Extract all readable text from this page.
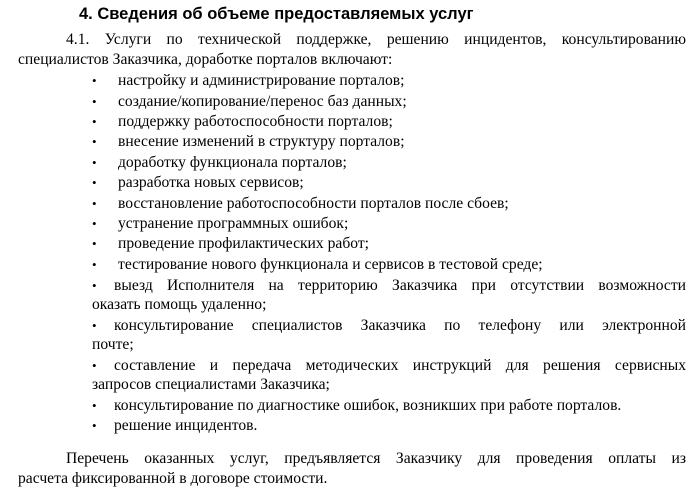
4. Сведения об объеме предоставляемых услуг
4.1. Услуги по технической поддержке, решению инцидентов, консультированию
специалистов Заказчика, доработке порталов включают:
• настройку и администрирование порталов;
• создание/копирование/перенос баз данных;
• поддержку работоспособности порталов;
• внесение изменений в структуру порталов;
• доработку функционала порталов;
• разработка новых сервисов;
• восстановление работоспособности порталов после сбоев;
• устранение программных ошибок;
• проведение профилактических работ;
• тестирование нового функционала и сервисов в тестовой среде;
• выезд Исполнителя на территорию Заказчика при отсутствии возможности
оказать помощь удаленно;
• консультирование специалистов Заказчика по телефону или электронной
почте;
• составление и передача методических инструкций для решения сервисных
запросов специалистами Заказчика;
• консультирование по диагностике ошибок, возникших при работе порталов.
• решение инцидентов.
Перечень оказанных услуг, предъявляется Заказчику для проведения оплаты из
расчета фиксированной в договоре стоимости.
